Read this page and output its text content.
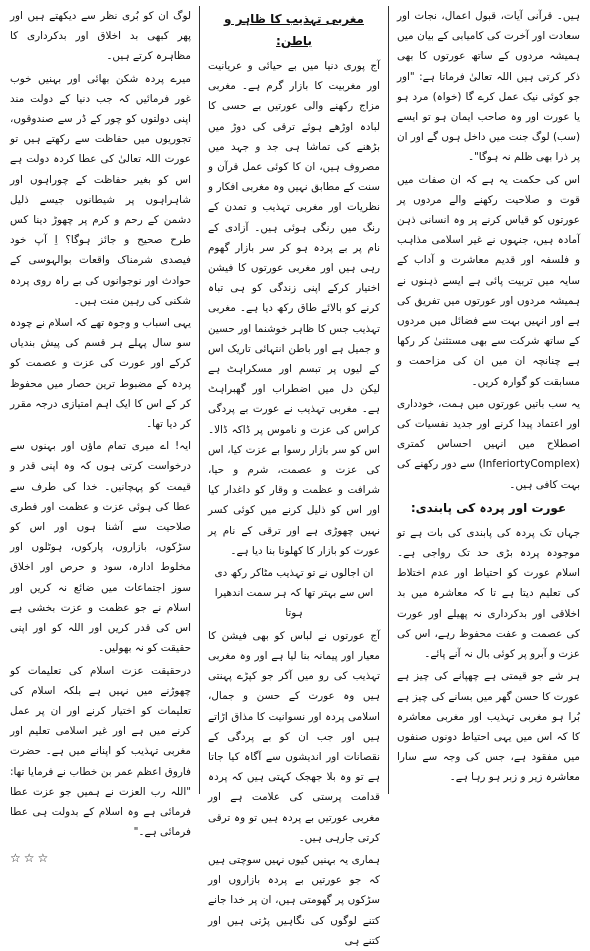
ہیں۔ قرآنی آیات، قبول اعمال، نجات اور سعادت اور آخرت کی کامیابی کے بیان میں ہمیشہ مردوں کے ساتھ عورتوں کا بھی ذکر کرتی ہیں اللہ تعالیٰ فرماتا ہے: "اور جو کوئی نیک عمل کرے گا (خواہ) مرد ہو یا عورت اور وہ صاحب ایمان ہو تو ایسے (سب) لوگ جنت میں داخل ہوں گے اور ان پر ذرا بھی ظلم نہ ہوگا"۔

اس کی حکمت یہ ہے کہ ان صفات میں قوت و صلاحیت رکھنے والے مردوں پر عورتوں کو قیاس کرنے پر وہ انسانی ذہن آمادہ ہیں، جنہوں نے غیر اسلامی مذاہب و فلسفہ اور قدیم معاشرت و آداب کے سایہ میں تربیت پائی ہے ایسے ذہنوں نے ہمیشہ مردوں اور عورتوں میں تفریق کی ہے اور انہیں بہت سے فضائل میں مردوں کے ساتھ شرکت سے بھی مستثنیٰ کر رکھا ہے چنانچہ ان میں ان کی مزاحمت و مسابقت کو گوارہ کریں۔

یہ سب باتیں عورتوں میں ہمت، خودداری اور اعتماد پیدا کرنے اور جدید نفسیات کی اصطلاح میں انہیں احساس کمتری (InferiortyComplex) سے دور رکھنے کی بہت کافی ہیں۔

عورت اور پردہ کی پابندی:

جہاں تک پردہ کی پابندی کی بات ہے تو موجودہ پردہ بڑی حد تک رواجی ہے۔ اسلام عورت کو احتیاط اور عدم اختلاط کی تعلیم دیتا ہے تا کہ معاشرہ میں بد اخلاقی اور بدکرداری نہ پھیلے اور عورت کی عصمت و عفت محفوظ رہے، اس کی عزت و آبرو پر کوئی بال نہ آنے پائے۔

ہر شے جو قیمتی ہے چھپانے کی چیز ہے عورت کا حسن گھر میں بسانے کی چیز ہے بُرا ہو مغربی تہذیب اور مغربی معاشرہ کا کہ اس میں یہی احتیاط دونوں صنفوں میں مفقود ہے، جس کی وجہ سے سارا معاشرہ زیر و زبر ہو رہا ہے۔

مغربی تہذیب کا ظاہر و باطن:

آج پوری دنیا میں بے حیائی و عریانیت اور مغربیت کا بازار گرم ہے۔ مغربی مزاج رکھنے والی عورتیں بے حسی کا لبادہ اوڑھے ہوئے ترقی کی دوڑ میں بڑھنے کی تماشا ہی جد و جہد میں مصروف ہیں، ان کا کوئی عمل قرآن و سنت کے مطابق نہیں وہ مغربی افکار و نظریات اور مغربی تہذیب و تمدن کے رنگ میں رنگی ہوئی ہیں۔ آزادی کے نام پر بے پردہ ہو کر سر بازار گھوم رہی ہیں اور مغربی عورتوں کا فیشن اختیار کرکے اپنی زندگی کو ہی تباہ کرنے کو بالائے طاق رکھ دیا ہے۔ مغربی تہذیب جس کا ظاہر خوشنما اور حسین و جمیل ہے اور باطن انتہائی تاریک اس کے لیوں پر تبسم اور مسکراہٹ ہے لیکن دل میں اضطراب اور گھبراہٹ ہے۔ مغربی تہذیب نے عورت بے پردگی کراس کی عزت و ناموس پر ڈاکہ ڈالا۔ اس کو سر بازار رسوا بے عزت کیا، اس کی عزت و عصمت، شرم و حیا، شرافت و عظمت و وقار کو داغدار کیا اور اس کو ذلیل کرنے میں کوئی کسر نہیں چھوڑی ہے اور ترقی کے نام پر عورت کو بازار کا کھلونا بنا دیا ہے۔

ان اجالوں نے تو تہذیب مٹاکر رکھ دی اس سے بہتر تھا کہ ہر سمت اندھیرا ہوتا

آج عورتوں نے لباس کو بھی فیشن کا معیار اور پیمانہ بنا لیا ہے اور وہ مغربی تہذیب کی رو میں آکر جو کپڑے پہنتی ہیں وہ عورت کے حسن و جمال، اسلامی پردہ اور نسوانیت کا مذاق اڑاتے ہیں اور جب ان کو بے پردگی کے نقصانات اور اندیشوں سے آگاہ کیا جاتا ہے تو وہ بلا جھجک کہتی ہیں کہ پردہ قدامت پرستی کی علامت ہے اور مغربی عورتیں بے پردہ ہیں تو وہ ترقی کرتی جارہی ہیں۔

ہماری یہ بہنیں کیوں نہیں سوچتی ہیں کہ جو عورتیں بے پردہ بازاروں اور سڑکوں پر گھومتی ہیں، ان پر خدا جانے کتنے لوگوں کی نگاہیں پڑتی ہیں اور کتنے ہی

لوگ ان کو بُری نظر سے دیکھتے ہیں اور پھر کبھی بد اخلاق اور بدکرداری کا مظاہرہ کرتے ہیں۔

میرے پردہ شکن بھائی اور بہنیں خوب غور فرمائیں کہ جب دنیا کے دولت مند اپنی دولتوں کو چور کے ڈر سے صندوقوں، تجوریوں میں حفاظت سے رکھتے ہیں تو عورت اللہ تعالیٰ کی عطا کردہ دولت ہے اس کو بغیر حفاظت کے چوراہوں اور شاہراہوں پر شیطانوں جیسے ذلیل دشمن کے رحم و کرم پر چھوڑ دینا کس طرح صحیح و جائز ہوگا؟ اِ آپ خود فیصدی شرمناک واقعات بوالہوسی کے حوادث اور نوجوانوں کی بے راہ روی پردہ شکنی کی رہین منت ہیں۔

یہی اسباب و وجوہ تھے کہ اسلام نے چودہ سو سال پہلے ہر قسم کی پیش بندیاں کرکے اور عورت کی عزت و عصمت کو پردہ کے مضبوط ترین حصار میں محفوظ کر کے اس کا ایک اہم امتیازی درجہ مقرر کر دیا تھا۔

ایہ! اے میری تمام ماؤں اور بہنوں سے درخواست کرتی ہوں کہ وہ اپنی قدر و قیمت کو پہچانیں۔ خدا کی طرف سے عطا کی ہوئی عزت و عظمت اور فطری صلاحیت سے آشنا ہوں اور اس کو سڑکوں، بازاروں، پارکوں، ہوٹلوں اور مخلوط ادارہ، سود و حرص اور اخلاق سوز اجتماعات میں ضائع نہ کریں اور اسلام نے جو عظمت و عزت بخشی ہے اس کی قدر کریں اور اللہ کو اور اپنی حقیقت کو نہ بھولیں۔

درحقیقت عزت اسلام کی تعلیمات کو چھوڑنے میں نہیں ہے بلکہ اسلام کی تعلیمات کو اختیار کرنے اور ان پر عمل کرنے میں ہے اور غیر اسلامی تعلیم اور مغربی تہذیب کو اپنانے میں ہے۔ حضرت فاروق اعظم عمر بن خطاب نے فرمایا تھا: "اللہ رب العزت نے ہمیں جو عزت عطا فرمائی ہے وہ اسلام کے بدولت ہی عطا فرمائی ہے۔"

☆☆☆
